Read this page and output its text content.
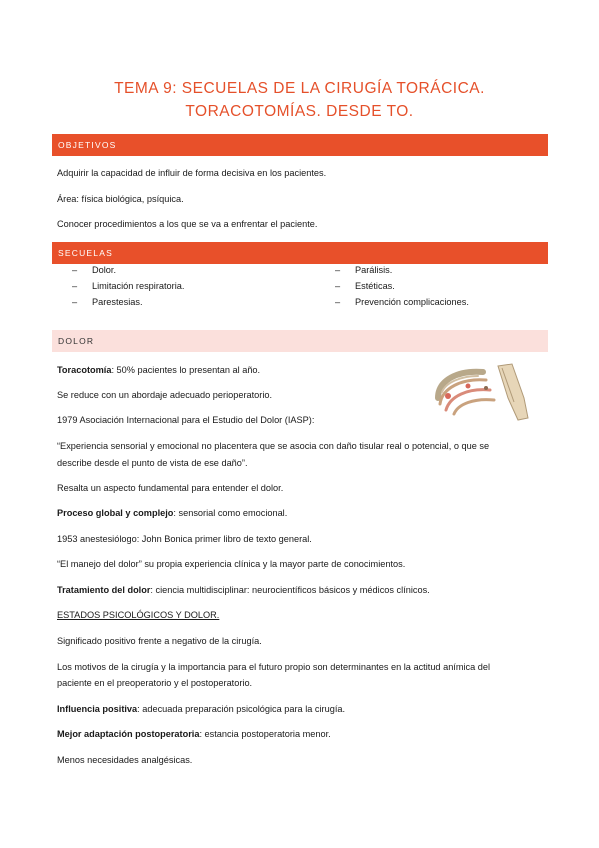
TEMA 9: SECUELAS DE LA CIRUGÍA TORÁCICA.
TORACOTOMÍAS. DESDE TO.
OBJETIVOS
Adquirir la capacidad de influir de forma decisiva en los pacientes.
Área: física biológica, psíquica.
Conocer procedimientos a los que se va a enfrentar el paciente.
SECUELAS
– Dolor.
– Limitación respiratoria.
– Parestesias.
– Parálisis.
– Estéticas.
– Prevención complicaciones.
DOLOR
Toracotomía: 50% pacientes lo presentan al año.
Se reduce con un abordaje adecuado perioperatorio.
1979 Asociación Internacional para el Estudio del Dolor (IASP):
“Experiencia sensorial y emocional no placentera que se asocia con daño tisular real o potencial, o que se
describe desde el punto de vista de ese daño”.
Resalta un aspecto fundamental para entender el dolor.
Proceso global y complejo: sensorial como emocional.
1953 anestesiólogo: John Bonica primer libro de texto general.
“El manejo del dolor” su propia experiencia clínica y la mayor parte de conocimientos.
Tratamiento del dolor: ciencia multidisciplinar: neurocientíficos básicos y médicos clínicos.
ESTADOS PSICOLÓGICOS Y DOLOR.
Significado positivo frente a negativo de la cirugía.
Los motivos de la cirugía y la importancia para el futuro propio son determinantes en la actitud anímica del
paciente en el preoperatorio y el postoperatorio.
Influencia positiva: adecuada preparación psicológica para la cirugía.
Mejor adaptación postoperatoria: estancia postoperatoria menor.
Menos necesidades analgésicas.
